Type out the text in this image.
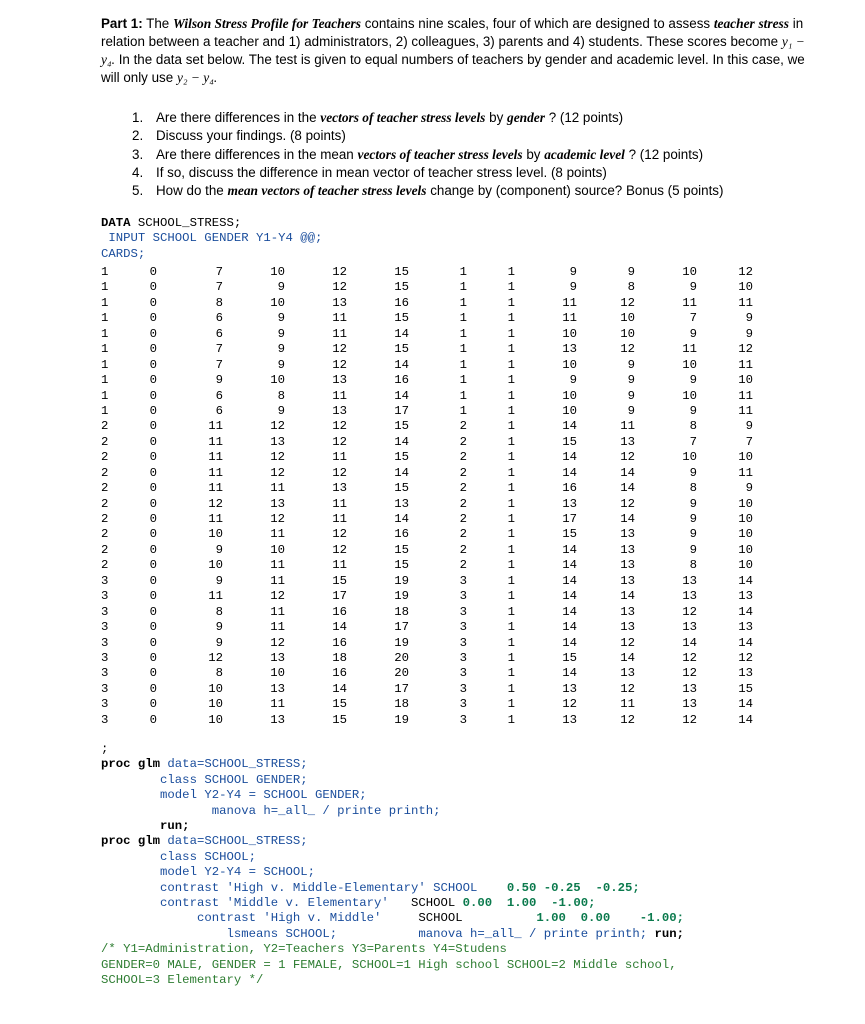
Part 1: The Wilson Stress Profile for Teachers contains nine scales, four of which are designed to assess teacher stress in relation between a teacher and 1) administrators, 2) colleagues, 3) parents and 4) students. These scores become y₁ − y₄. In the data set below. The test is given to equal numbers of teachers by gender and academic level. In this case, we will only use y₂ − y₄.
1. Are there differences in the vectors of teacher stress levels by gender ? (12 points)
2. Discuss your findings. (8 points)
3. Are there differences in the mean vectors of teacher stress levels by academic level ? (12 points)
4. If so, discuss the difference in mean vector of teacher stress level. (8 points)
5. How do the mean vectors of teacher stress levels change by (component) source? Bonus (5 points)
DATA SCHOOL_STRESS;
INPUT SCHOOL GENDER Y1-Y4 @@;
CARDS;
1	0	7	10	12	15	1	1	9	9	10	12
1	0	7	9	12	15	1	1	9	8	9	10
1	0	8	10	13	16	1	1	11	12	11	11
1	0	6	9	11	15	1	1	11	10	7	9
1	0	6	9	11	14	1	1	10	10	9	9
1	0	7	9	12	15	1	1	13	12	11	12
1	0	7	9	12	14	1	1	10	9	10	11
1	0	9	10	13	16	1	1	9	9	9	10
1	0	6	8	11	14	1	1	10	9	10	11
1	0	6	9	13	17	1	1	10	9	9	11
2	0	11	12	12	15	2	1	14	11	8	9
2	0	11	13	12	14	2	1	15	13	7	7
2	0	11	12	11	15	2	1	14	12	10	10
2	0	11	12	12	14	2	1	14	14	9	11
2	0	11	11	13	15	2	1	16	14	8	9
2	0	12	13	11	13	2	1	13	12	9	10
2	0	11	12	11	14	2	1	17	14	9	10
2	0	10	11	12	16	2	1	15	13	9	10
2	0	9	10	12	15	2	1	14	13	9	10
2	0	10	11	11	15	2	1	14	13	8	10
3	0	9	11	15	19	3	1	14	13	13	14
3	0	11	12	17	19	3	1	14	14	13	13
3	0	8	11	16	18	3	1	14	13	12	14
3	0	9	11	14	17	3	1	14	13	13	13
3	0	9	12	16	19	3	1	14	12	14	14
3	0	12	13	18	20	3	1	15	14	12	12
3	0	8	10	16	20	3	1	14	13	12	13
3	0	10	13	14	17	3	1	13	12	13	15
3	0	10	11	15	18	3	1	12	11	13	14
3	0	10	13	15	19	3	1	13	12	12	14
;
proc glm data=SCHOOL_STRESS;
class SCHOOL GENDER;
model Y2-Y4 = SCHOOL GENDER;
manova h=_all_ / printe printh;
run;
proc glm data=SCHOOL_STRESS;
class SCHOOL;
model Y2-Y4 = SCHOOL;
contrast 'High v. Middle-Elementary' SCHOOL 0.50 -0.25  -0.25;
contrast 'Middle v. Elementary' SCHOOL 0.00  1.00  -1.00;
contrast 'High v. Middle'	SCHOOL	1.00  0.00    -1.00;
lsmeans SCHOOL;	manova h=_all_ / printe printh; run;
/* Y1=Administration, Y2=Teachers Y3=Parents Y4=Studens
GENDER=0 MALE, GENDER = 1 FEMALE, SCHOOL=1 High school SCHOOL=2 Middle school,
SCHOOL=3 Elementary */
